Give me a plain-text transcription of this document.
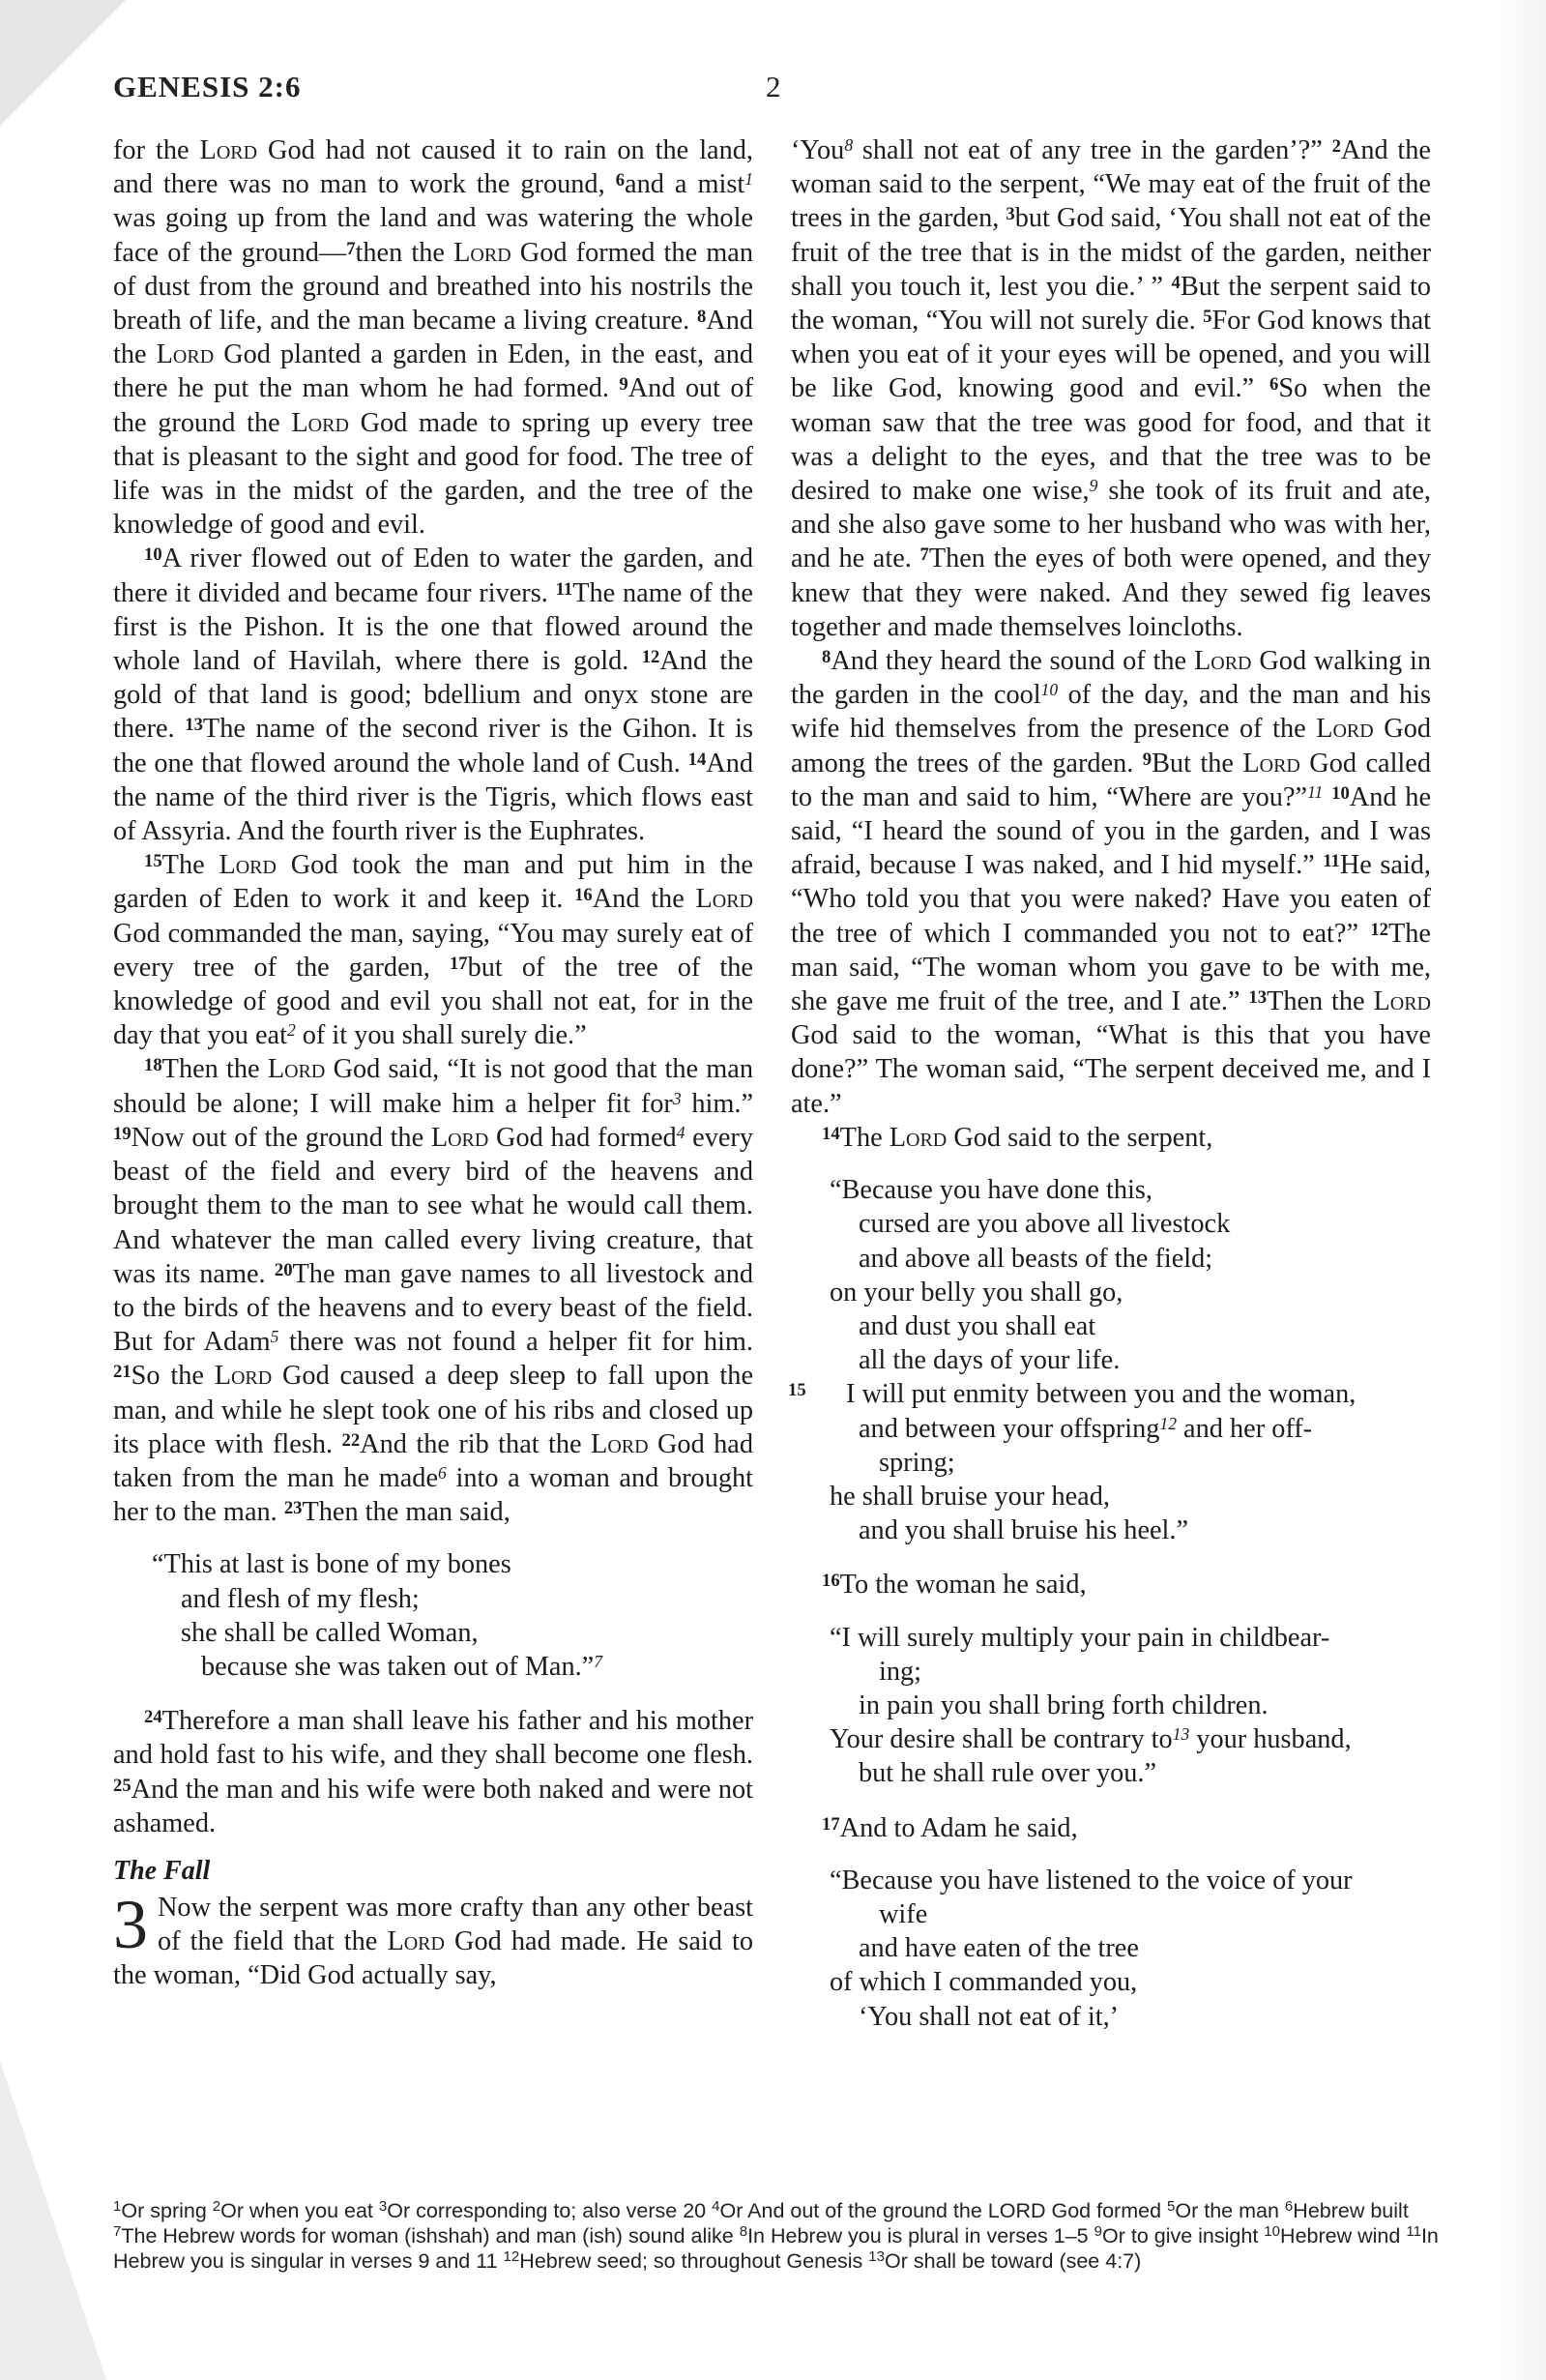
GENESIS 2:6	2

for the Lord God had not caused it to rain on the land, and there was no man to work the ground, $^6$and a mist$^1$ was going up from the land and was watering the whole face of the ground—$^7$then the Lord God formed the man of dust from the ground and breathed into his nostrils the breath of life, and the man became a living creature. $^8$And the Lord God planted a garden in Eden, in the east, and there he put the man whom he had formed. $^9$And out of the ground the Lord God made to spring up every tree that is pleasant to the sight and good for food. The tree of life was in the midst of the garden, and the tree of the knowledge of good and evil.

$^{10}$A river flowed out of Eden to water the garden, and there it divided and became four rivers. $^{11}$The name of the first is the Pishon. It is the one that flowed around the whole land of Havilah, where there is gold. $^{12}$And the gold of that land is good; bdellium and onyx stone are there. $^{13}$The name of the second river is the Gihon. It is the one that flowed around the whole land of Cush. $^{14}$And the name of the third river is the Tigris, which flows east of Assyria. And the fourth river is the Euphrates.

$^{15}$The Lord God took the man and put him in the garden of Eden to work it and keep it. $^{16}$And the Lord God commanded the man, saying, “You may surely eat of every tree of the garden, $^{17}$but of the tree of the knowledge of good and evil you shall not eat, for in the day that you eat$^2$ of it you shall surely die.”

$^{18}$Then the Lord God said, “It is not good that the man should be alone; I will make him a helper fit for$^3$ him.” $^{19}$Now out of the ground the Lord God had formed$^4$ every beast of the field and every bird of the heavens and brought them to the man to see what he would call them. And whatever the man called every living creature, that was its name. $^{20}$The man gave names to all livestock and to the birds of the heavens and to every beast of the field. But for Adam$^5$ there was not found a helper fit for him. $^{21}$So the Lord God caused a deep sleep to fall upon the man, and while he slept took one of his ribs and closed up its place with flesh. $^{22}$And the rib that the Lord God had taken from the man he made$^6$ into a woman and brought her to the man. $^{23}$Then the man said,

“This at last is bone of my bones
and flesh of my flesh;
she shall be called Woman,
because she was taken out of Man.”$^7$

$^{24}$Therefore a man shall leave his father and his mother and hold fast to his wife, and they shall become one flesh. $^{25}$And the man and his wife were both naked and were not ashamed.

The Fall

3 Now the serpent was more crafty than any other beast of the field that the Lord God had made. He said to the woman, “Did God actually say,

‘You$^8$ shall not eat of any tree in the garden’?” $^2$And the woman said to the serpent, “We may eat of the fruit of the trees in the garden, $^3$but God said, ‘You shall not eat of the fruit of the tree that is in the midst of the garden, neither shall you touch it, lest you die.’ ” $^4$But the serpent said to the woman, “You will not surely die. $^5$For God knows that when you eat of it your eyes will be opened, and you will be like God, knowing good and evil.” $^6$So when the woman saw that the tree was good for food, and that it was a delight to the eyes, and that the tree was to be desired to make one wise,$^9$ she took of its fruit and ate, and she also gave some to her husband who was with her, and he ate. $^7$Then the eyes of both were opened, and they knew that they were naked. And they sewed fig leaves together and made themselves loincloths.

$^8$And they heard the sound of the Lord God walking in the garden in the cool$^{10}$ of the day, and the man and his wife hid themselves from the presence of the Lord God among the trees of the garden. $^9$But the Lord God called to the man and said to him, “Where are you?”$^{11}$ $^{10}$And he said, “I heard the sound of you in the garden, and I was afraid, because I was naked, and I hid myself.” $^{11}$He said, “Who told you that you were naked? Have you eaten of the tree of which I commanded you not to eat?” $^{12}$The man said, “The woman whom you gave to be with me, she gave me fruit of the tree, and I ate.” $^{13}$Then the Lord God said to the woman, “What is this that you have done?” The woman said, “The serpent deceived me, and I ate.”

$^{14}$The Lord God said to the serpent,

“Because you have done this,
cursed are you above all livestock
and above all beasts of the field;
on your belly you shall go,
and dust you shall eat
all the days of your life.
15 I will put enmity between you and the woman,
and between your offspring$^{12}$ and her off-
spring;
he shall bruise your head,
and you shall bruise his heel.”

$^{16}$To the woman he said,

“I will surely multiply your pain in childbear-
ing;
in pain you shall bring forth children.
Your desire shall be contrary to$^{13}$ your husband,
but he shall rule over you.”

$^{17}$And to Adam he said,

“Because you have listened to the voice of your
wife
and have eaten of the tree
of which I commanded you,
‘You shall not eat of it,’
$^1$Or spring $^2$Or when you eat $^3$Or corresponding to; also verse 20 $^4$Or And out of the ground the LORD God formed $^5$Or the man $^6$Hebrew built $^7$The Hebrew words for woman (ishshah) and man (ish) sound alike $^8$In Hebrew you is plural in verses 1–5 $^9$Or to give insight $^{10}$Hebrew wind $^{11}$In Hebrew you is singular in verses 9 and 11 $^{12}$Hebrew seed; so throughout Genesis $^{13}$Or shall be toward (see 4:7)
